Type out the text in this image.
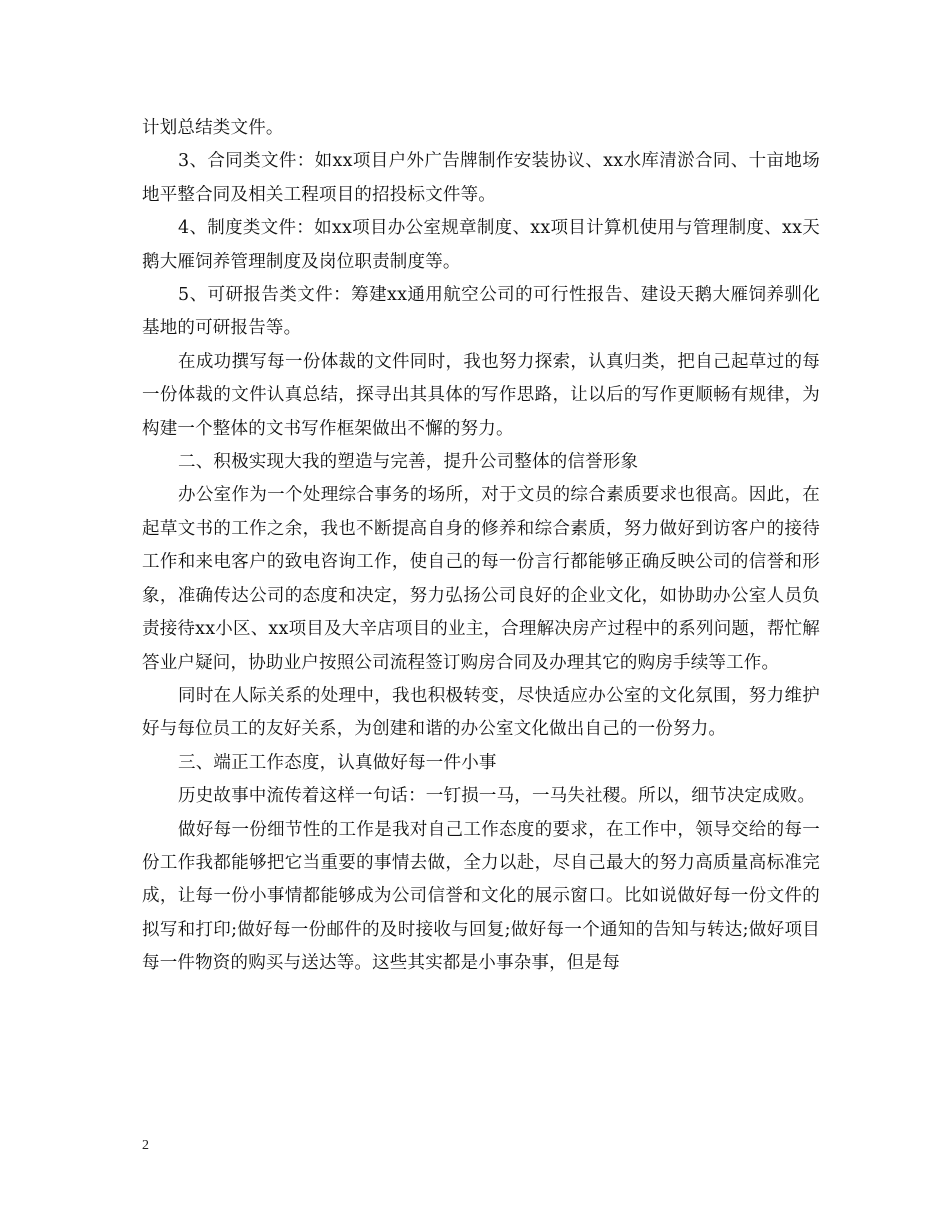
计划总结类文件。

3、合同类文件：如xx项目户外广告牌制作安装协议、xx水库清淤合同、十亩地场地平整合同及相关工程项目的招投标文件等。

4、制度类文件：如xx项目办公室规章制度、xx项目计算机使用与管理制度、xx天鹅大雁饲养管理制度及岗位职责制度等。

5、可研报告类文件：筹建xx通用航空公司的可行性报告、建设天鹅大雁饲养驯化基地的可研报告等。

在成功撰写每一份体裁的文件同时，我也努力探索，认真归类，把自己起草过的每一份体裁的文件认真总结，探寻出其具体的写作思路，让以后的写作更顺畅有规律，为构建一个整体的文书写作框架做出不懈的努力。

二、积极实现大我的塑造与完善，提升公司整体的信誉形象

办公室作为一个处理综合事务的场所，对于文员的综合素质要求也很高。因此，在起草文书的工作之余，我也不断提高自身的修养和综合素质，努力做好到访客户的接待工作和来电客户的致电咨询工作，使自己的每一份言行都能够正确反映公司的信誉和形象，准确传达公司的态度和决定，努力弘扬公司良好的企业文化，如协助办公室人员负责接待xx小区、xx项目及大辛店项目的业主，合理解决房产过程中的系列问题，帮忙解答业户疑问，协助业户按照公司流程签订购房合同及办理其它的购房手续等工作。

同时在人际关系的处理中，我也积极转变，尽快适应办公室的文化氛围，努力维护好与每位员工的友好关系，为创建和谐的办公室文化做出自己的一份努力。

三、端正工作态度，认真做好每一件小事

历史故事中流传着这样一句话：一钉损一马，一马失社稷。所以，细节决定成败。

做好每一份细节性的工作是我对自己工作态度的要求，在工作中，领导交给的每一份工作我都能够把它当重要的事情去做，全力以赴，尽自己最大的努力高质量高标准完成，让每一份小事情都能够成为公司信誉和文化的展示窗口。比如说做好每一份文件的拟写和打印;做好每一份邮件的及时接收与回复;做好每一个通知的告知与转达;做好项目每一件物资的购买与送达等。这些其实都是小事杂事，但是每

2
